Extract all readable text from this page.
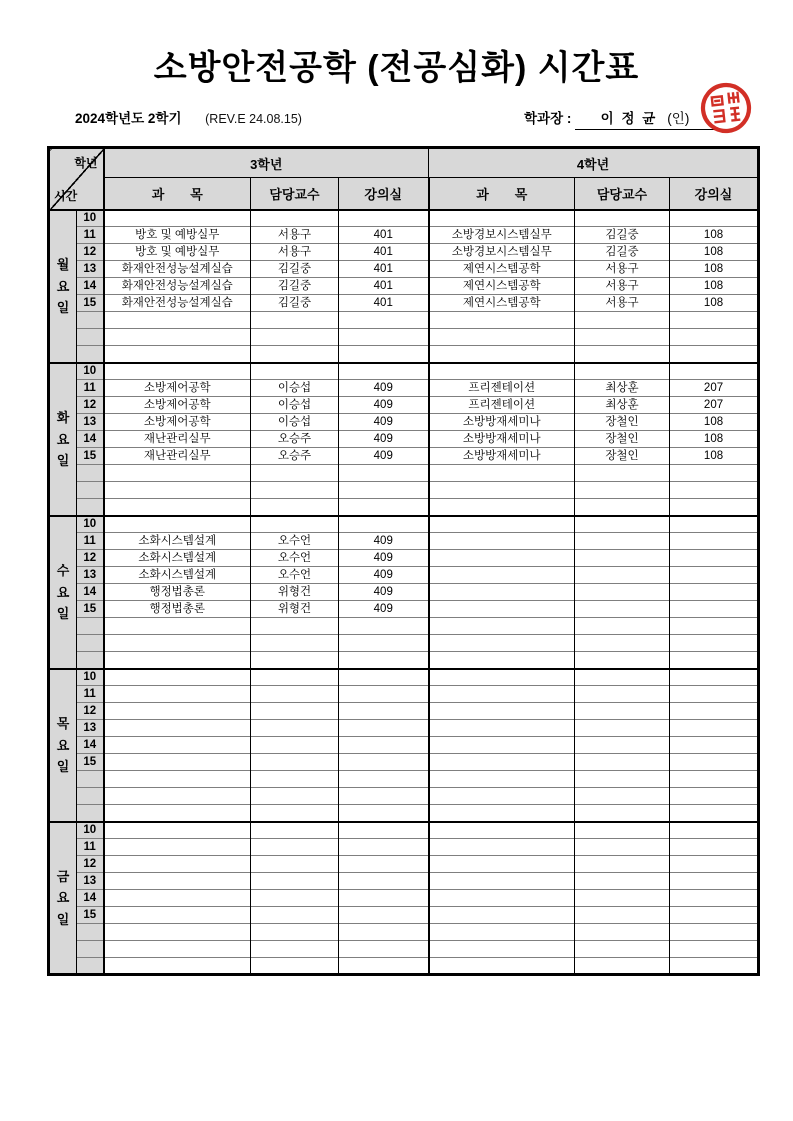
소방안전공학 (전공심화) 시간표
2024학년도 2학기 (REV.E 24.08.15)	학과장 : 이 정 균 (인)
학년
시간		3학년			4학년		
		과　　목	담당교수	강의실	과　　목	담당교수	강의실

월
요
일	10						
	11	방호 및 예방실무	서용구	401	소방경보시스템실무	김길중	108
	12	방호 및 예방실무	서용구	401	소방경보시스템실무	김길중	108
	13	화재안전성능설계실습	김길중	401	제연시스템공학	서용구	108
	14	화재안전성능설계실습	김길중	401	제연시스템공학	서용구	108
	15	화재안전성능설계실습	김길중	401	제연시스템공학	서용구	108

화
요
일	10						
	11	소방제어공학	이승섭	409	프리젠테이션	최상훈	207
	12	소방제어공학	이승섭	409	프리젠테이션	최상훈	207
	13	소방제어공학	이승섭	409	소방방재세미나	장철인	108
	14	재난관리실무	오승주	409	소방방재세미나	장철인	108
	15	재난관리실무	오승주	409	소방방재세미나	장철인	108

수
요
일	10						
	11	소화시스템설계	오수언	409			
	12	소화시스템설계	오수언	409			
	13	소화시스템설계	오수언	409			
	14	행정법총론	위형건	409			
	15	행정법총론	위형건	409			

목
요
일	10						
	11						
	12						
	13						
	14						
	15						

금
요
일	10						
	11						
	12						
	13						
	14						
	15						
